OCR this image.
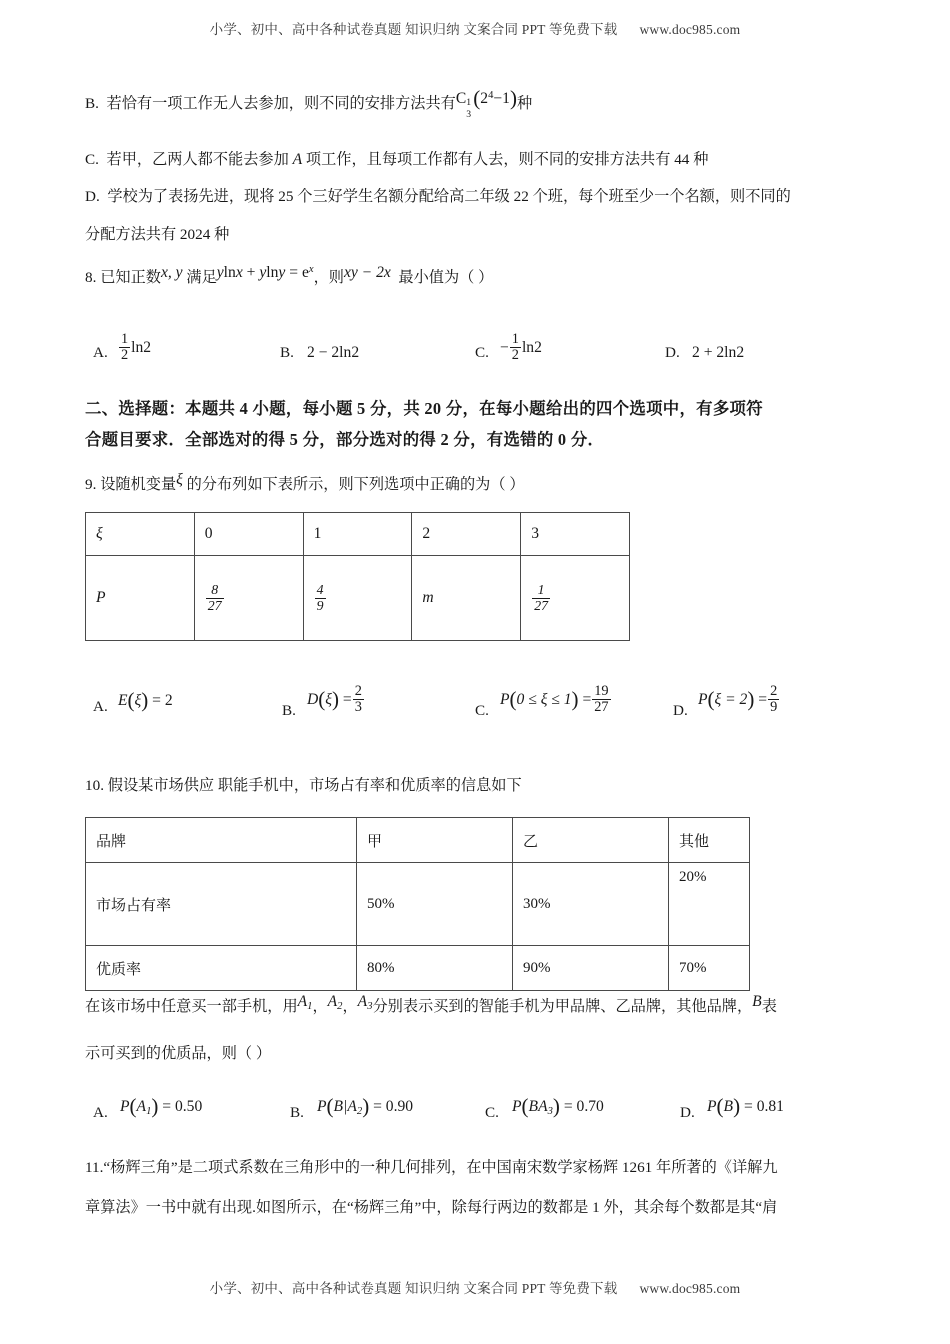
小学、初中、高中各种试卷真题 知识归纳 文案合同 PPT 等免费下载 www.doc985.com
B. 若恰有一项工作无人去参加，则不同的安排方法共有C 1
3
$(2^4-1)$种
C. 若甲，乙两人都不能去参加 A 项工作，且每项工作都有人去，则不同的安排方法共有 44 种
D. 学校为了表扬先进，现将 25 个三好学生名额分配给高二年级 22 个班，每个班至少一个名额，则不同的
分配方法共有 2024 种
8. 已知正数x, y 满足$ylnx + ylny = e^x$，则xy − 2x 最小值为（ ）
A. $\frac{1}{2} \ln 2$	B. 2 − 2ln2	C. − $\frac{1}{2} \ln 2$	D. 2 + 2ln2
二、选择题：本题共 4 小题，每小题 5 分，共 20 分，在每小题给出的四个选项中，有多项符
合题目要求．全部选对的得 5 分，部分选对的得 2 分，有选错的 0 分．
9. 设随机变量ξ 的分布列如下表所示，则下列选项中正确的为（ ）
ξ	0	1	2	3
P	$\frac{8}{27}$	$\frac{4}{9}$	m	$\frac{1}{27}$
A. E(ξ) = 2
B.
$D(\xi) = \frac{2}{3}$	C.
$P(0 \le \xi \le 1) = \frac{19}{27}$	D.
$P(\xi = 2) = \frac{2}{9}$
10. 假设某市场供应 职能手机中，市场占有率和优质率的信息如下
品牌	甲	乙	其他
市场占有率	50%	30%	20%
优质率	80%	90%	70%
在该市场中任意买一部手机，用$A_1$，$A_2$，$A_3$分别表示买到的智能手机为甲品牌、乙品牌，其他品牌，B表
示可买到的优质品，则（ ）
A. $P(A_1) = 0.50$	B. $P(B|A_2) = 0.90$	C. $P(BA_3) = 0.70$	D. P(B) = 0.81
11.“杨辉三角”是二项式系数在三角形中的一种几何排列，在中国南宋数学家杨辉 1261 年所著的《详解九
章算法》一书中就有出现.如图所示，在“杨辉三角”中，除每行两边的数都是 1 外，其余每个数都是其“肩
小学、初中、高中各种试卷真题 知识归纳 文案合同 PPT 等免费下载 www.doc985.com
